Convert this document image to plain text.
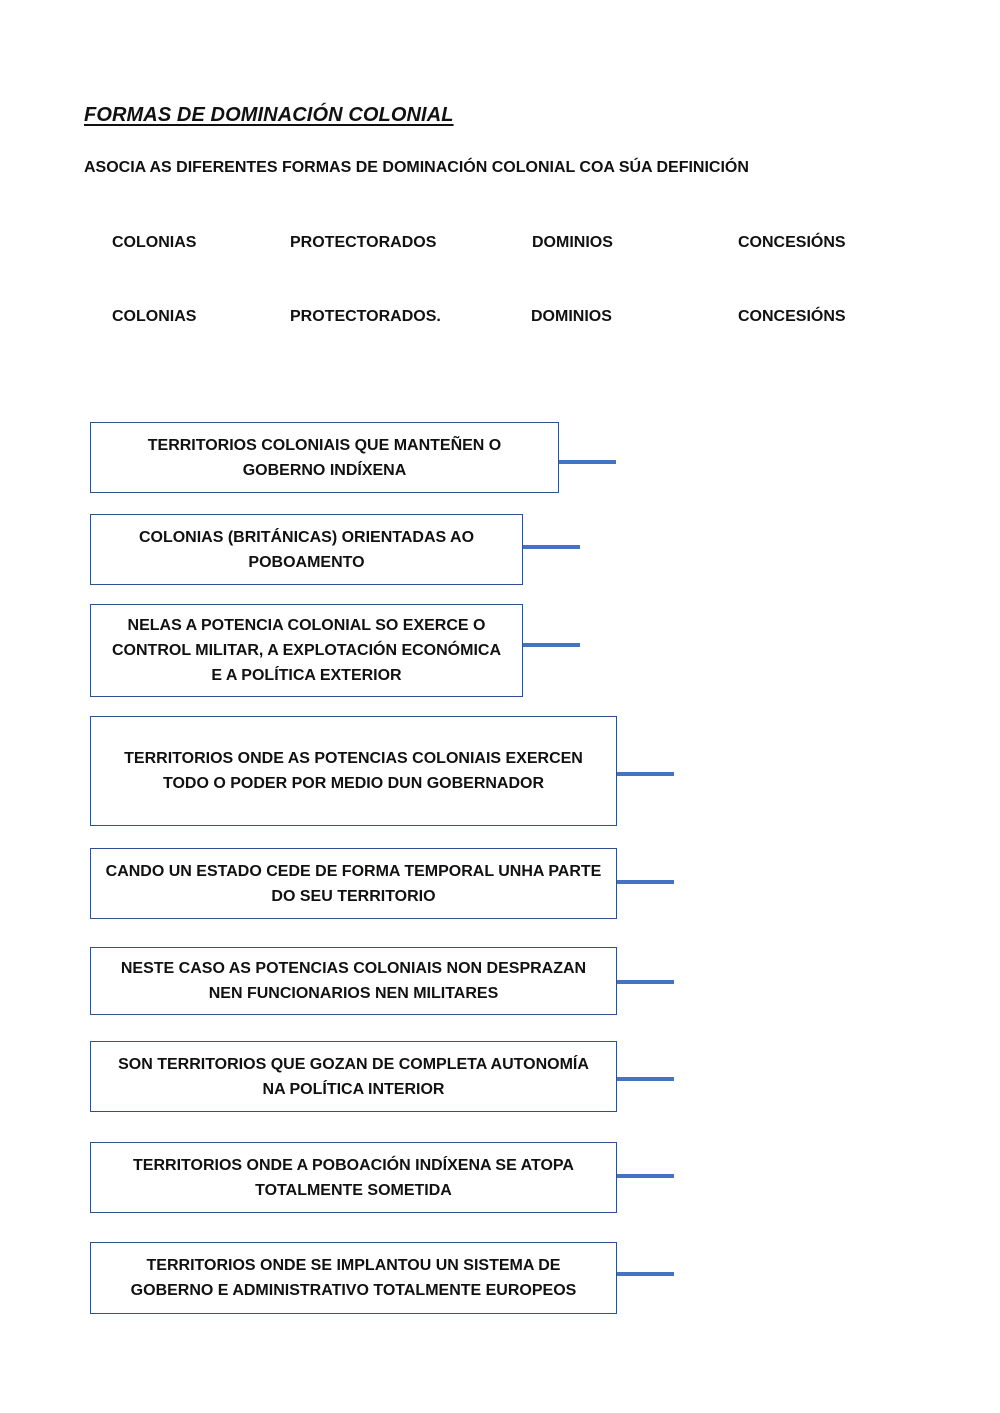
FORMAS DE DOMINACIÓN COLONIAL

ASOCIA AS DIFERENTES FORMAS DE DOMINACIÓN COLONIAL COA SÚA DEFINICIÓN

COLONIAS	PROTECTORADOS	DOMINIOS	CONCESIÓNS
COLONIAS	PROTECTORADOS.	DOMINIOS	CONCESIÓNS
TERRITORIOS COLONIAIS QUE MANTEÑEN O GOBERNO INDÍXENA
COLONIAS (BRITÁNICAS) ORIENTADAS AO POBOAMENTO
NELAS A POTENCIA COLONIAL SO EXERCE O CONTROL MILITAR, A EXPLOTACIÓN ECONÓMICA E A POLÍTICA EXTERIOR
TERRITORIOS ONDE AS POTENCIAS COLONIAIS EXERCEN TODO O PODER POR MEDIO DUN GOBERNADOR
CANDO UN ESTADO CEDE DE FORMA TEMPORAL UNHA PARTE DO SEU TERRITORIO
NESTE CASO AS POTENCIAS COLONIAIS NON DESPRAZAN NEN FUNCIONARIOS NEN MILITARES
SON TERRITORIOS QUE GOZAN DE COMPLETA AUTONOMÍA NA POLÍTICA INTERIOR
TERRITORIOS ONDE A POBOACIÓN INDÍXENA SE ATOPA TOTALMENTE SOMETIDA
TERRITORIOS ONDE SE IMPLANTOU UN SISTEMA DE GOBERNO E ADMINISTRATIVO TOTALMENTE EUROPEOS
